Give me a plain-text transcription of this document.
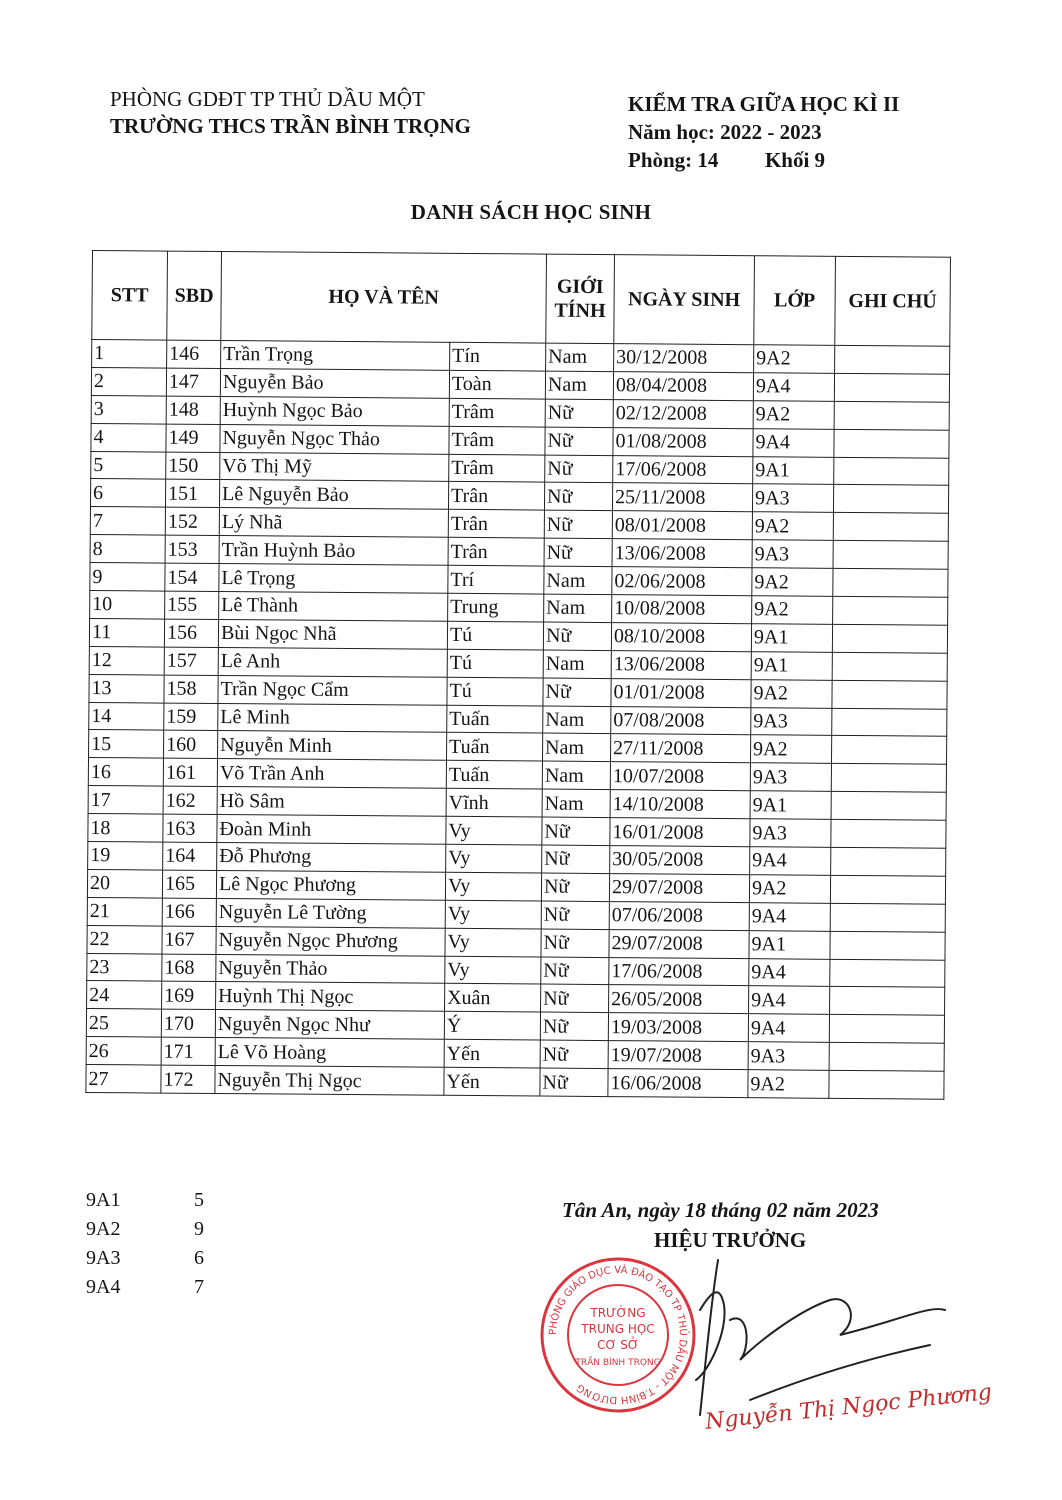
PHÒNG GDĐT TP THỦ DẦU MỘT
TRƯỜNG THCS TRẦN BÌNH TRỌNG
KIỂM TRA GIỮA HỌC KÌ II
Năm học: 2022 - 2023
Phòng: 14 Khối 9
DANH SÁCH HỌC SINH
STT	SBD	HỌ VÀ TÊN		GIỚI
TÍNH	NGÀY SINH	LỚP	GHI CHÚ
1	146	Trần Trọng	Tín	Nam	30/12/2008	9A2	
2	147	Nguyễn Bảo	Toàn	Nam	08/04/2008	9A4	
3	148	Huỳnh Ngọc Bảo	Trâm	Nữ	02/12/2008	9A2	
4	149	Nguyễn Ngọc Thảo	Trâm	Nữ	01/08/2008	9A4	
5	150	Võ Thị Mỹ	Trâm	Nữ	17/06/2008	9A1	
6	151	Lê Nguyễn Bảo	Trân	Nữ	25/11/2008	9A3	
7	152	Lý Nhã	Trân	Nữ	08/01/2008	9A2	
8	153	Trần Huỳnh Bảo	Trân	Nữ	13/06/2008	9A3	
9	154	Lê Trọng	Trí	Nam	02/06/2008	9A2	
10	155	Lê Thành	Trung	Nam	10/08/2008	9A2	
11	156	Bùi Ngọc Nhã	Tú	Nữ	08/10/2008	9A1	
12	157	Lê Anh	Tú	Nam	13/06/2008	9A1	
13	158	Trần Ngọc Cẩm	Tú	Nữ	01/01/2008	9A2	
14	159	Lê Minh	Tuấn	Nam	07/08/2008	9A3	
15	160	Nguyễn Minh	Tuấn	Nam	27/11/2008	9A2	
16	161	Võ Trần Anh	Tuấn	Nam	10/07/2008	9A3	
17	162	Hồ Sâm	Vĩnh	Nam	14/10/2008	9A1	
18	163	Đoàn Minh	Vy	Nữ	16/01/2008	9A3	
19	164	Đỗ Phương	Vy	Nữ	30/05/2008	9A4	
20	165	Lê Ngọc Phương	Vy	Nữ	29/07/2008	9A2	
21	166	Nguyễn Lê Tường	Vy	Nữ	07/06/2008	9A4	
22	167	Nguyễn Ngọc Phương	Vy	Nữ	29/07/2008	9A1	
23	168	Nguyễn Thảo	Vy	Nữ	17/06/2008	9A4	
24	169	Huỳnh Thị Ngọc	Xuân	Nữ	26/05/2008	9A4	
25	170	Nguyễn Ngọc Như	Ý	Nữ	19/03/2008	9A4	
26	171	Lê Võ Hoàng	Yến	Nữ	19/07/2008	9A3	
27	172	Nguyễn Thị Ngọc	Yến	Nữ	16/06/2008	9A2	
9A1	5
9A2	9
9A3	6
9A4	7
Tân An, ngày 18 tháng 02 năm 2023
HIỆU TRƯỞNG
PHÒNG GIÁO DỤC VÀ ĐÀO TẠO TP THỦ DẦU MỘT - T.BÌNH DƯƠNG
TRƯỜNG
TRUNG HỌC
CƠ SỞ
TRẦN BÌNH TRỌNG
Nguyễn Thị Ngọc Phương
